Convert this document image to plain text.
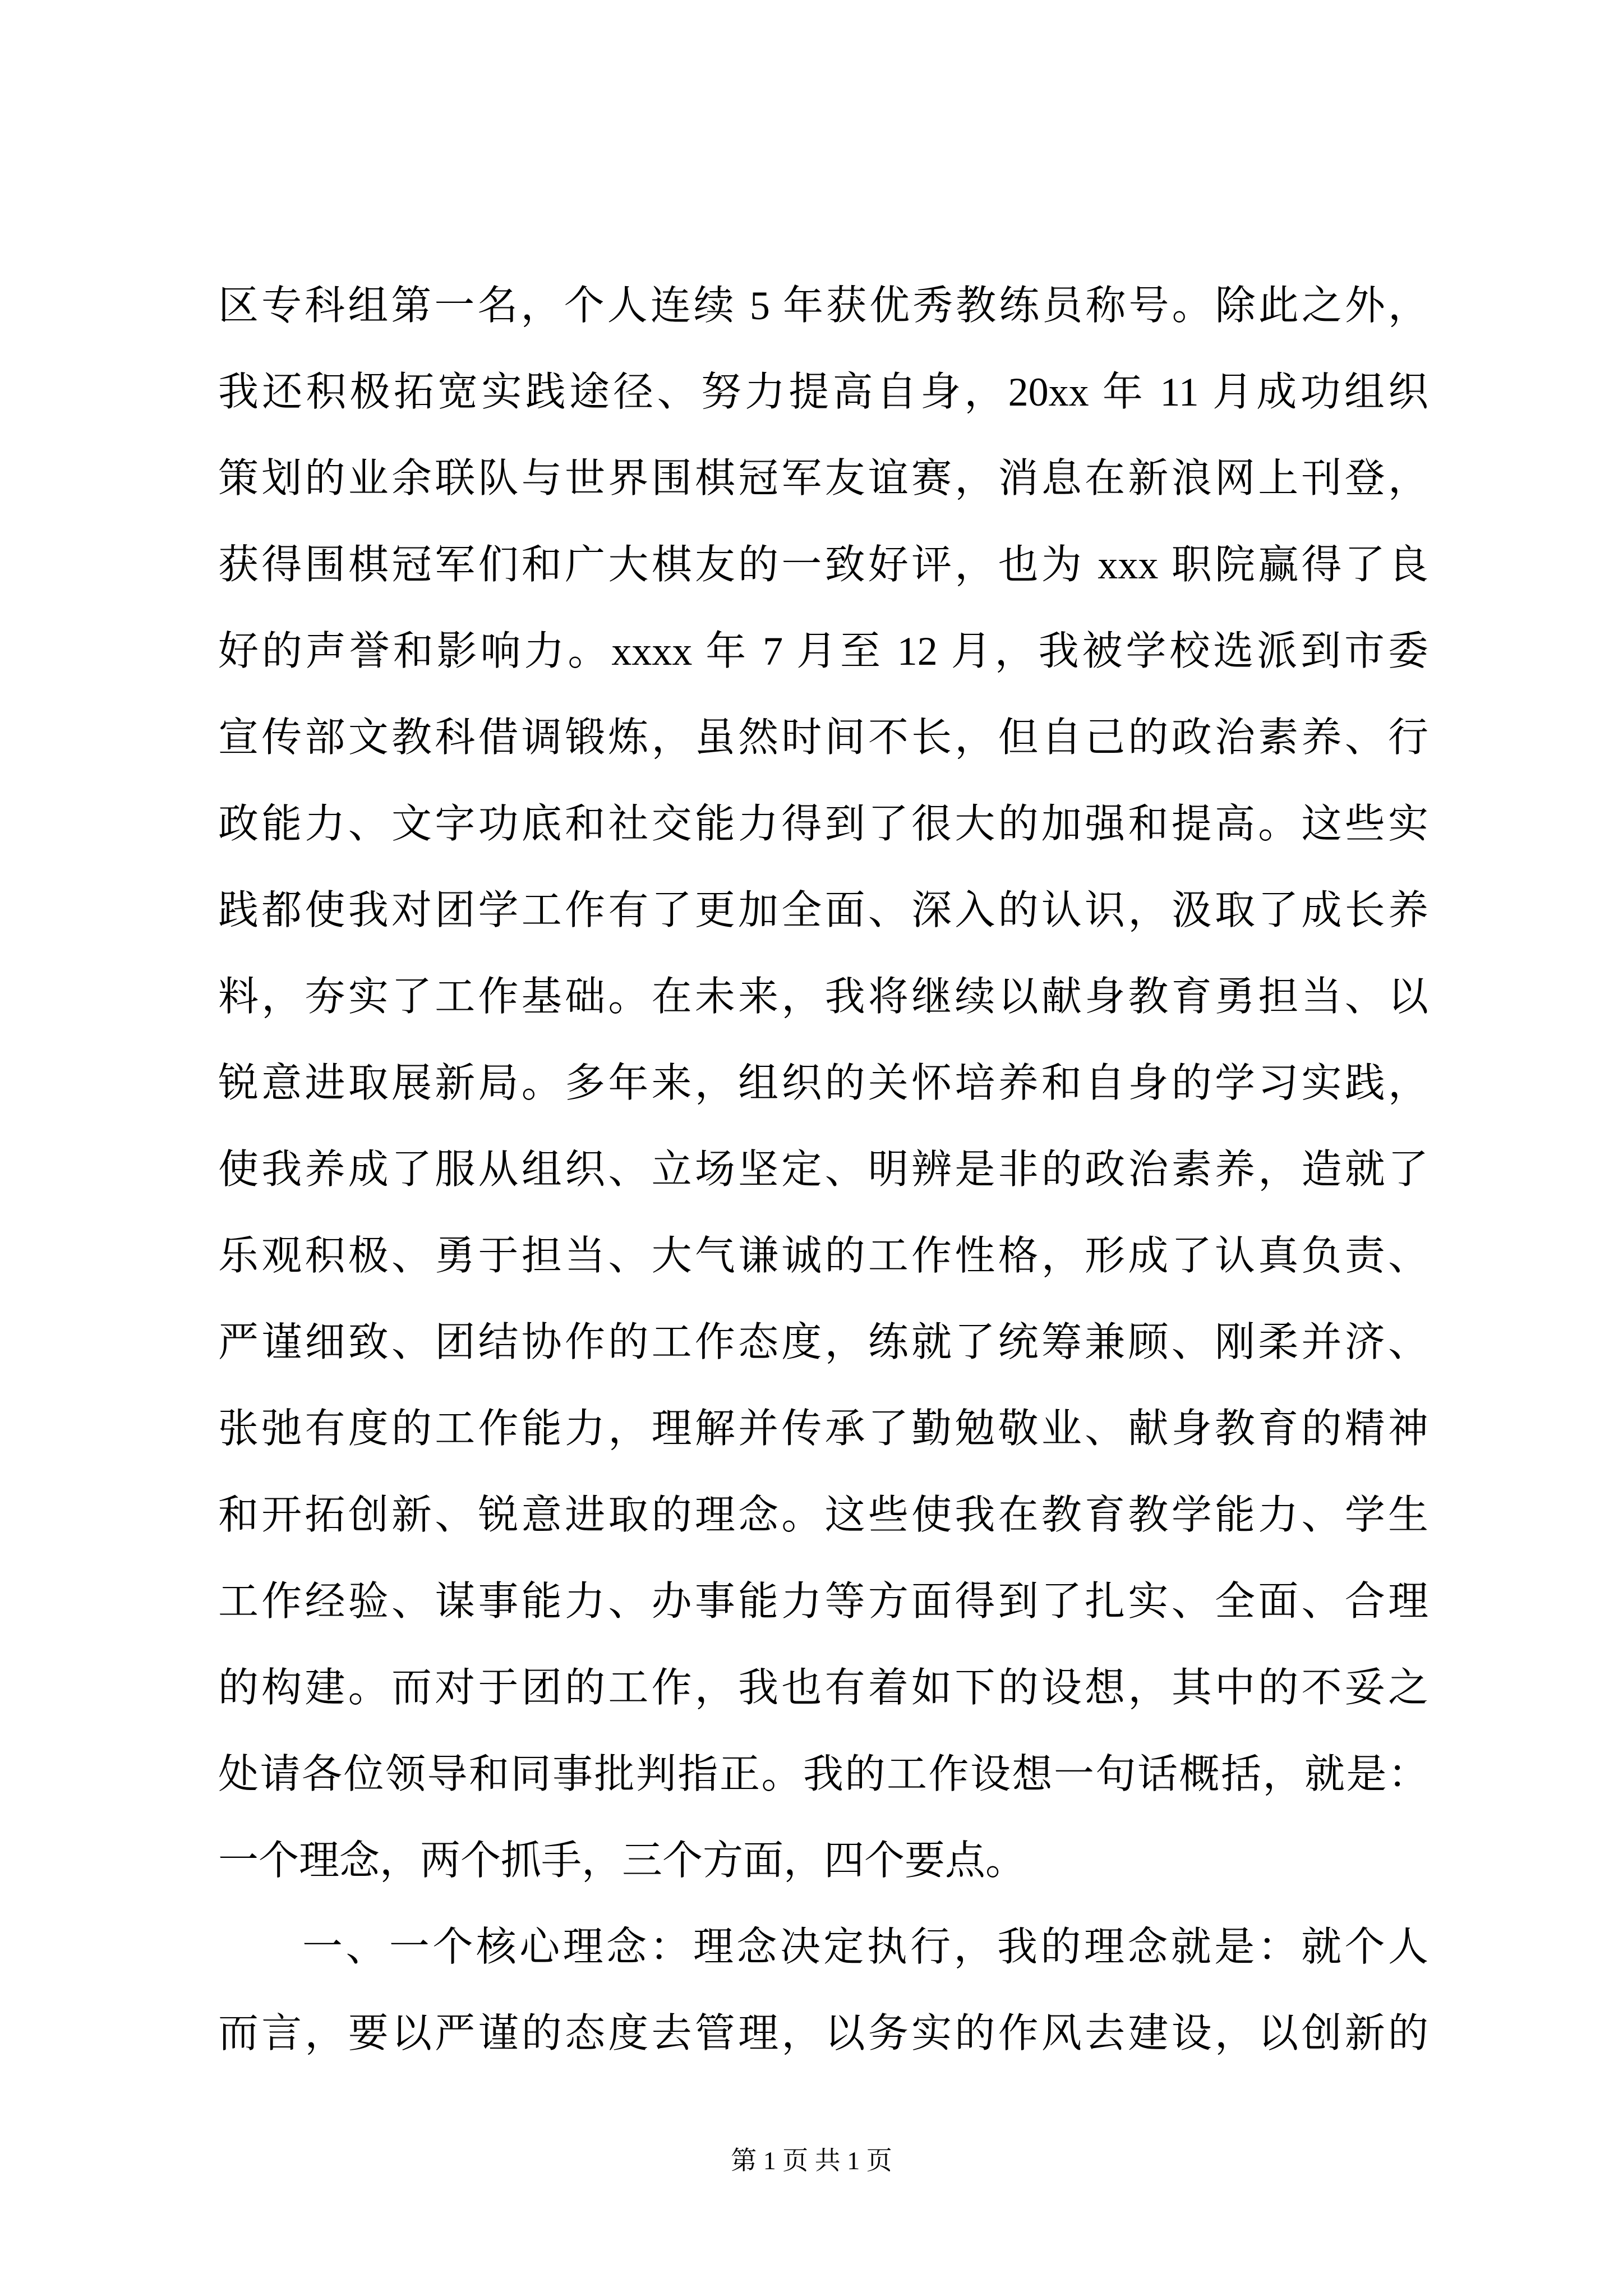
区专科组第一名，个人连续 5 年获优秀教练员称号。除此之外，
我还积极拓宽实践途径、努力提高自身，20xx 年 11 月成功组织
策划的业余联队与世界围棋冠军友谊赛，消息在新浪网上刊登，
获得围棋冠军们和广大棋友的一致好评，也为 xxx 职院赢得了良
好的声誉和影响力。xxxx 年 7 月至 12 月，我被学校选派到市委
宣传部文教科借调锻炼，虽然时间不长，但自己的政治素养、行
政能力、文字功底和社交能力得到了很大的加强和提高。这些实
践都使我对团学工作有了更加全面、深入的认识，汲取了成长养
料，夯实了工作基础。在未来，我将继续以献身教育勇担当、以
锐意进取展新局。多年来，组织的关怀培养和自身的学习实践，
使我养成了服从组织、立场坚定、明辨是非的政治素养，造就了
乐观积极、勇于担当、大气谦诚的工作性格，形成了认真负责、
严谨细致、团结协作的工作态度，练就了统筹兼顾、刚柔并济、
张弛有度的工作能力，理解并传承了勤勉敬业、献身教育的精神
和开拓创新、锐意进取的理念。这些使我在教育教学能力、学生
工作经验、谋事能力、办事能力等方面得到了扎实、全面、合理
的构建。而对于团的工作，我也有着如下的设想，其中的不妥之
处请各位领导和同事批判指正。我的工作设想一句话概括，就是：
一个理念，两个抓手，三个方面，四个要点。
一、一个核心理念：理念决定执行，我的理念就是：就个人
而言，要以严谨的态度去管理，以务实的作风去建设，以创新的
第 1 页 共 1 页
